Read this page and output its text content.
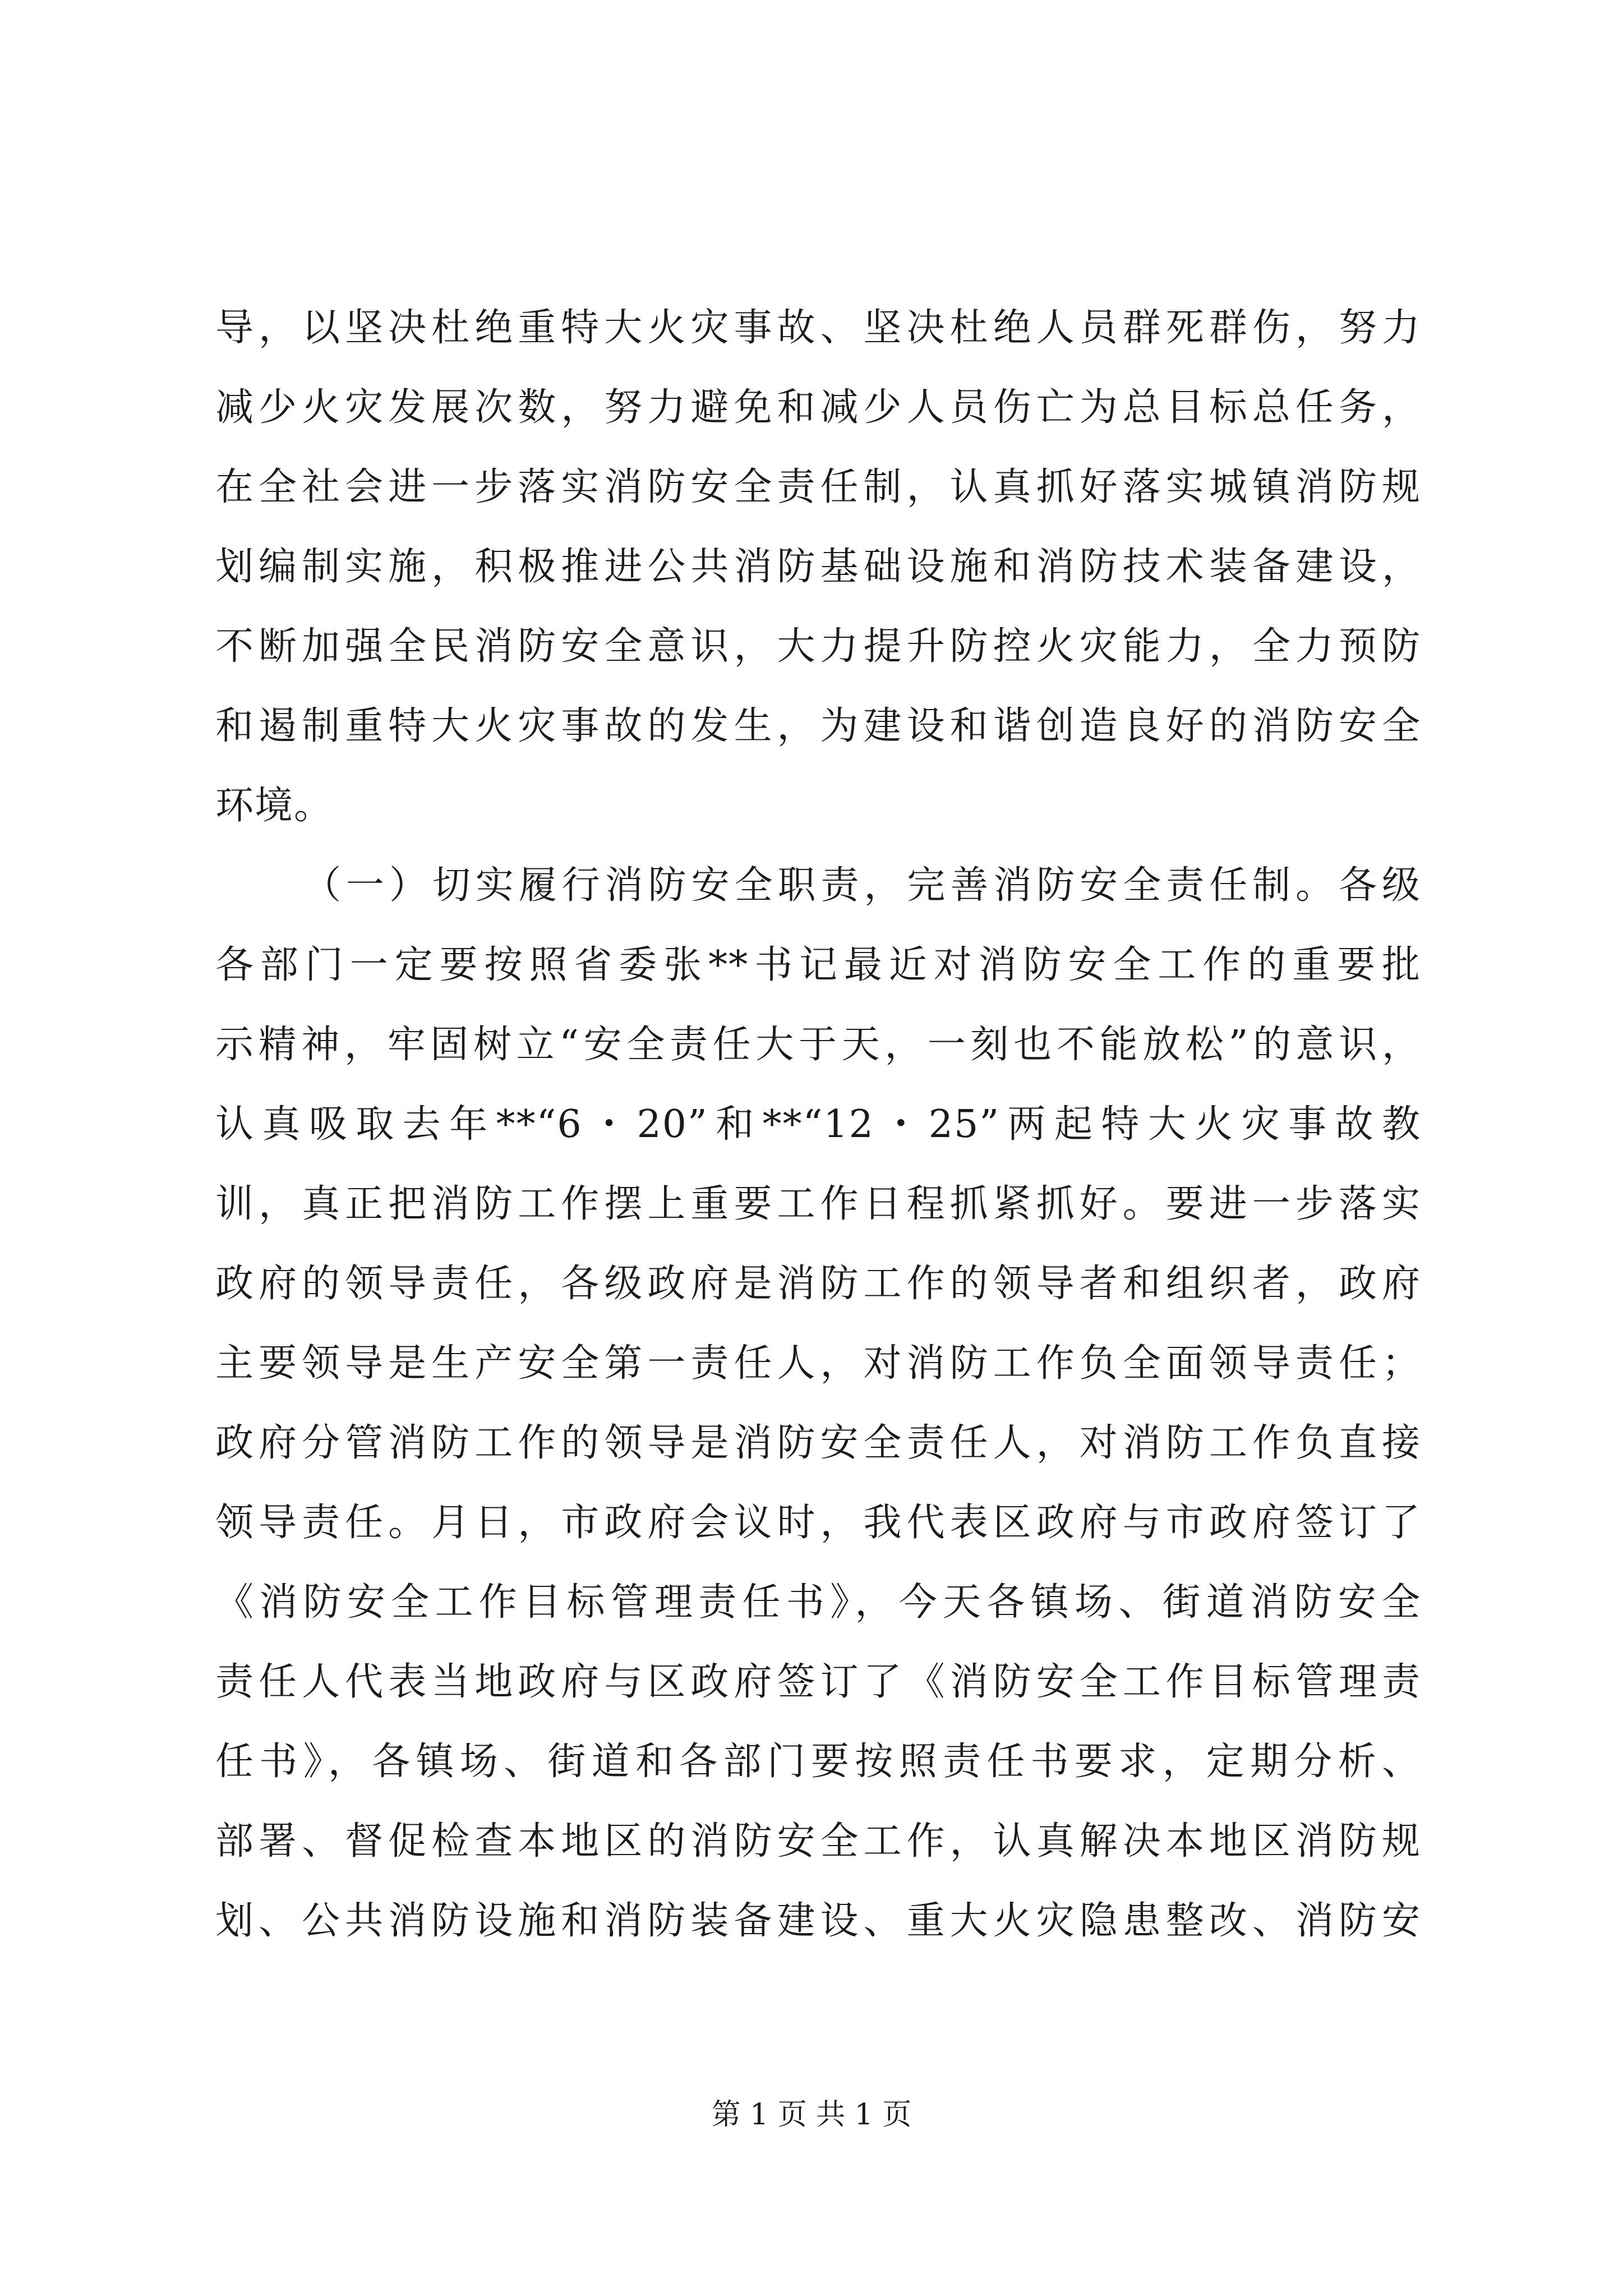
导，以坚决杜绝重特大火灾事故、坚决杜绝人员群死群伤，努力
减少火灾发展次数，努力避免和减少人员伤亡为总目标总任务，
在全社会进一步落实消防安全责任制，认真抓好落实城镇消防规
划编制实施，积极推进公共消防基础设施和消防技术装备建设，
不断加强全民消防安全意识，大力提升防控火灾能力，全力预防
和遏制重特大火灾事故的发生，为建设和谐创造良好的消防安全
环境。
（一）切实履行消防安全职责，完善消防安全责任制。各级
各部门一定要按照省委张**书记最近对消防安全工作的重要批
示精神，牢固树立“安全责任大于天，一刻也不能放松”的意识，
认真吸取去年**“6・20”和**“12・25”两起特大火灾事故教
训，真正把消防工作摆上重要工作日程抓紧抓好。要进一步落实
政府的领导责任，各级政府是消防工作的领导者和组织者，政府
主要领导是生产安全第一责任人，对消防工作负全面领导责任；
政府分管消防工作的领导是消防安全责任人，对消防工作负直接
领导责任。月日，市政府会议时，我代表区政府与市政府签订了
《消防安全工作目标管理责任书》，今天各镇场、街道消防安全
责任人代表当地政府与区政府签订了《消防安全工作目标管理责
任书》，各镇场、街道和各部门要按照责任书要求，定期分析、
部署、督促检查本地区的消防安全工作，认真解决本地区消防规
划、公共消防设施和消防装备建设、重大火灾隐患整改、消防安
第 1 页 共 1 页
